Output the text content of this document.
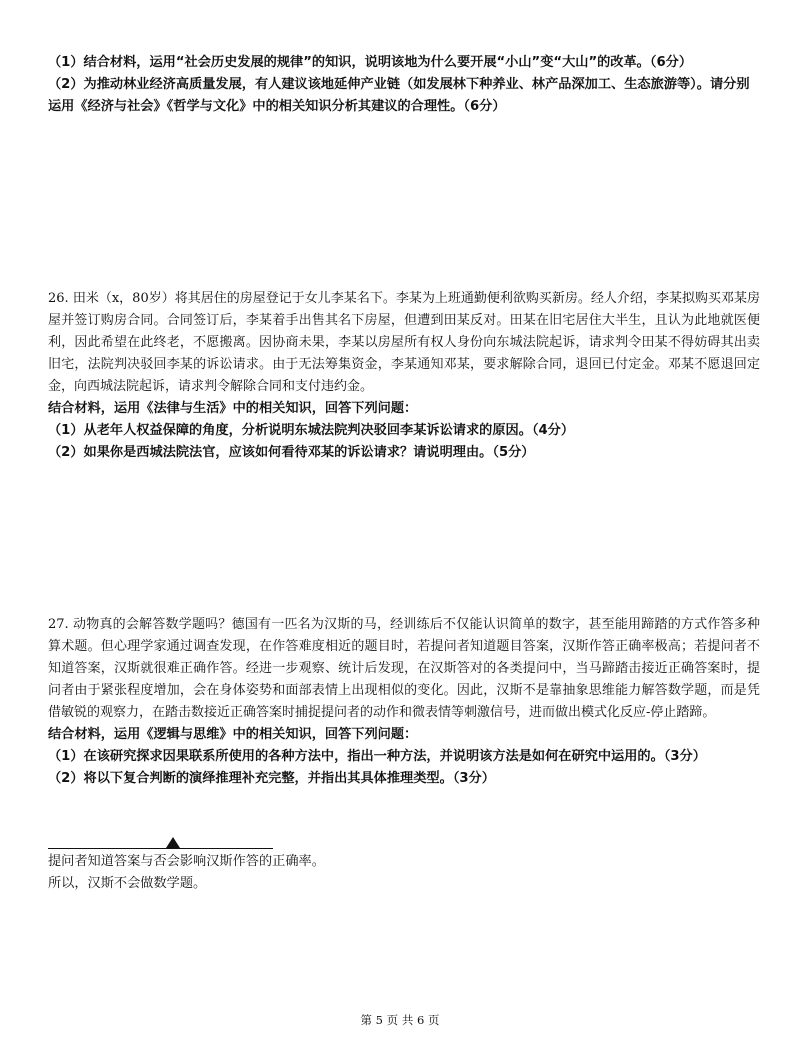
（1）结合材料，运用“社会历史发展的规律”的知识，说明该地为什么要开展“小山”变“大山”的改革。（6分）
（2）为推动林业经济高质量发展，有人建议该地延伸产业链（如发展林下种养业、林产品深加工、生态旅游等）。请分别运用《经济与社会》《哲学与文化》中的相关知识分析其建议的合理性。（6分）
26. 田米（x，80岁）将其居住的房屋登记于女儿李某名下。李某为上班通勤便利欲购买新房。经人介绍，李某拟购买邓某房屋并签订购房合同。合同签订后，李某着手出售其名下房屋，但遭到田某反对。田某在旧宅居住大半生，且认为此地就医便利，因此希望在此终老，不愿搬离。因协商未果，李某以房屋所有权人身份向东城法院起诉，请求判令田某不得妨碍其出卖旧宅，法院判决驳回李某的诉讼请求。由于无法筹集资金，李某通知邓某，要求解除合同，退回已付定金。邓某不愿退回定金，向西城法院起诉，请求判令解除合同和支付违约金。
结合材料，运用《法律与生活》中的相关知识，回答下列问题：
（1）从老年人权益保障的角度，分析说明东城法院判决驳回李某诉讼请求的原因。（4分）
（2）如果你是西城法院法官，应该如何看待邓某的诉讼请求？请说明理由。（5分）
27. 动物真的会解答数学题吗？德国有一匹名为汉斯的马，经训练后不仅能认识简单的数字，甚至能用蹄踏的方式作答多种算术题。但心理学家通过调查发现，在作答难度相近的题目时，若提问者知道题目答案，汉斯作答正确率极高；若提问者不知道答案，汉斯就很难正确作答。经进一步观察、统计后发现，在汉斯答对的各类提问中，当马蹄踏击接近正确答案时，提问者由于紧张程度增加，会在身体姿势和面部表情上出现相似的变化。因此，汉斯不是靠抽象思维能力解答数学题，而是凭借敏锐的观察力，在踏击数接近正确答案时捕捉提问者的动作和微表情等刺激信号，进而做出模式化反应-停止踏蹄。
结合材料，运用《逻辑与思维》中的相关知识，回答下列问题：
（1）在该研究探求因果联系所使用的各种方法中，指出一种方法，并说明该方法是如何在研究中运用的。（3分）
（2）将以下复合判断的演绎推理补充完整，并指出其具体推理类型。（3分）
提问者知道答案与否会影响汉斯作答的正确率。
所以，汉斯不会做数学题。
第 5 页 共 6 页
